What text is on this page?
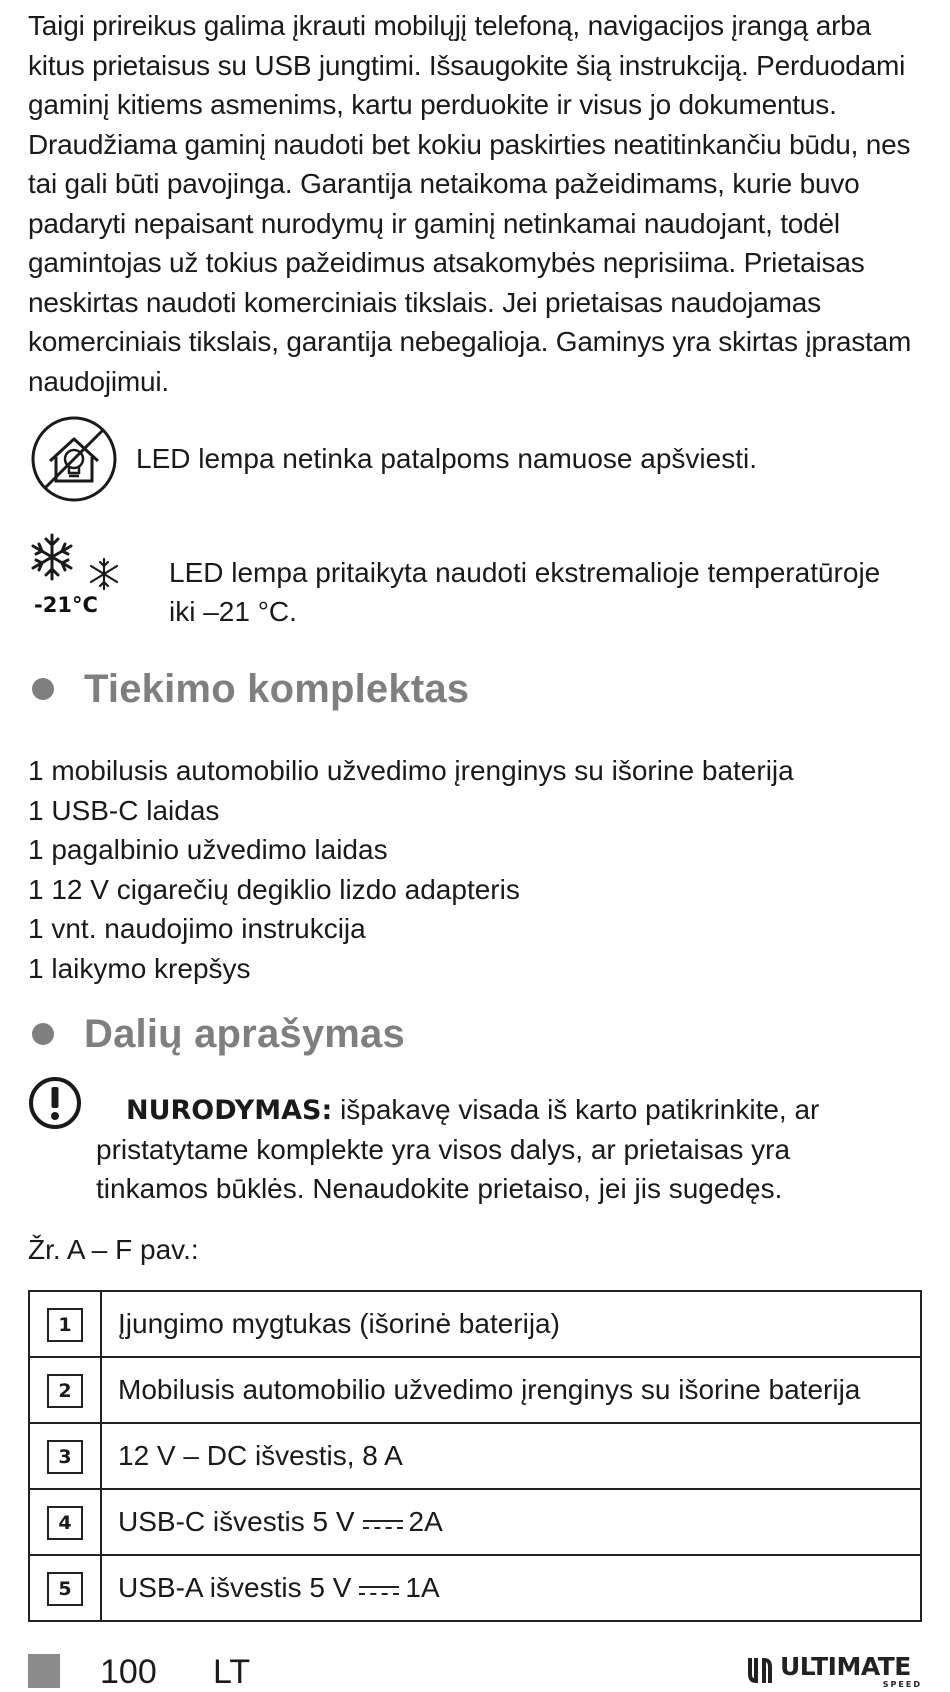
Taigi prireikus galima įkrauti mobilųjį telefoną, navigacijos įrangą arba kitus prietaisus su USB jungtimi. Išsaugokite šią instrukciją. Perduodami gaminį kitiems asmenims, kartu perduokite ir visus jo dokumentus. Draudžiama gaminį naudoti bet kokiu paskirties neatitinkančiu būdu, nes tai gali būti pavojinga. Garantija netaikoma pažeidimams, kurie buvo padaryti nepaisant nurodymų ir gaminį netinkamai naudojant, todėl gamintojas už tokius pažeidimus atsakomybės neprisiima. Prietaisas neskirtas naudoti komerciniais tikslais. Jei prietaisas naudojamas komerciniais tikslais, garantija nebegalioja. Gaminys yra skirtas įprastam naudojimui.

LED lempa netinka patalpoms namuose apšviesti.
-21°C
LED lempa pritaikyta naudoti ekstremalioje temperatūroje
iki –21 °C.
Tiekimo komplektas
1 mobilusis automobilio užvedimo įrenginys su išorine baterija
1 USB-C laidas
1 pagalbinio užvedimo laidas
1 12 V cigarečių degiklio lizdo adapteris
1 vnt. naudojimo instrukcija
1 laikymo krepšys
Dalių aprašymas
NURODYMAS: išpakavę visada iš karto patikrinkite, ar
pristatytame komplekte yra visos dalys, ar prietaisas yra
tinkamos būklės. Nenaudokite prietaiso, jei jis sugedęs.
Žr. A – F pav.:
1	Įjungimo mygtukas (išorinė baterija)
2	Mobilusis automobilio užvedimo įrenginys su išorine baterija
3	12 V – DC išvestis, 8 A
4	USB-C išvestis 5 V 2A
5	USB-A išvestis 5 V 1A
100 LT	ULTIMATE
SPEED
